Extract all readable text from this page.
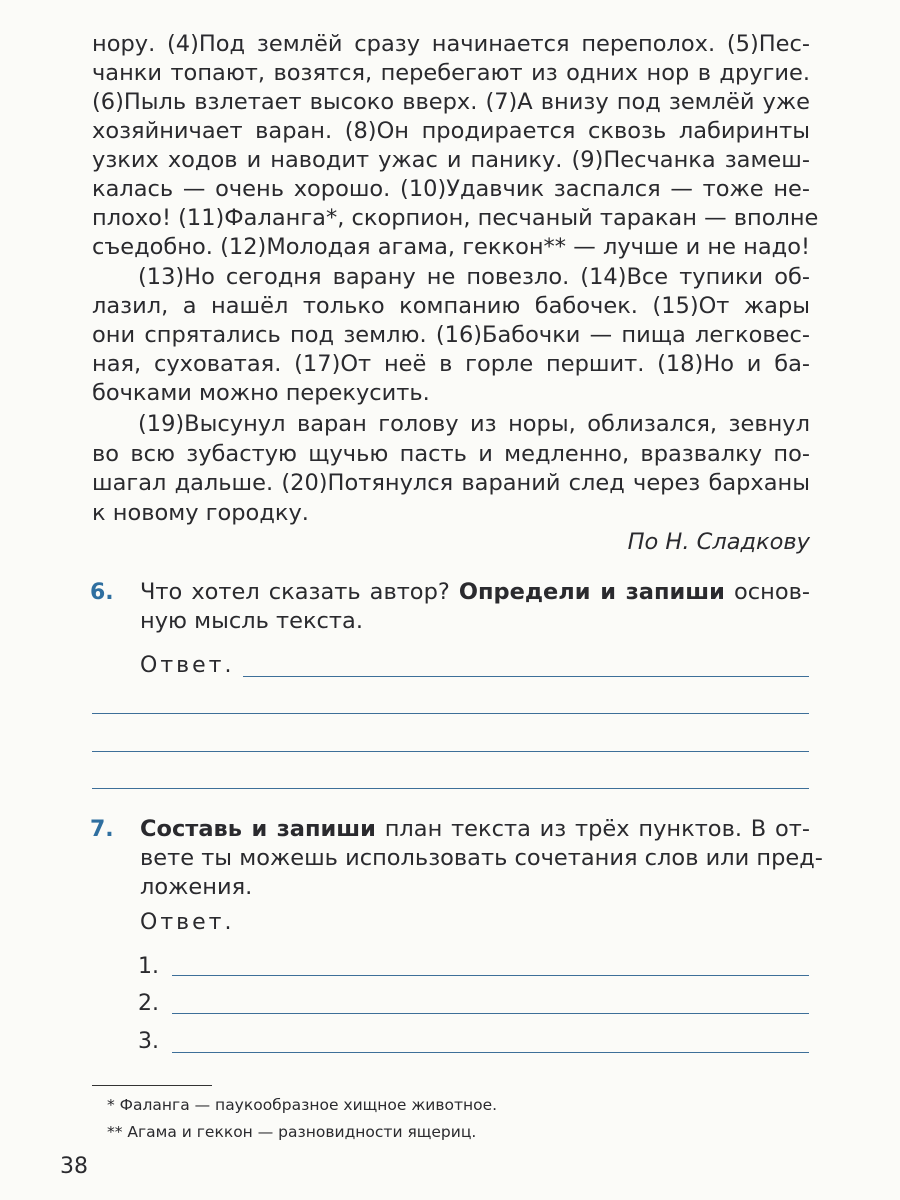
нору. (4)Под землёй сразу начинается переполох. (5)Пес-
чанки топают, возятся, перебегают из одних нор в другие.
(6)Пыль взлетает высоко вверх. (7)А внизу под землёй уже
хозяйничает варан. (8)Он продирается сквозь лабиринты
узких ходов и наводит ужас и панику. (9)Песчанка замеш-
калась — очень хорошо. (10)Удавчик заспался — тоже не-
плохо! (11)Фаланга*, скорпион, песчаный таракан — вполне
съедобно. (12)Молодая агама, геккон** — лучше и не надо!
(13)Но сегодня варану не повезло. (14)Все тупики об-
лазил, а нашёл только компанию бабочек. (15)От жары
они спрятались под землю. (16)Бабочки — пища легковес-
ная, суховатая. (17)От неё в горле першит. (18)Но и ба-
бочками можно перекусить.
(19)Высунул варан голову из норы, облизался, зевнул
во всю зубастую щучью пасть и медленно, вразвалку по-
шагал дальше. (20)Потянулся вараний след через барханы
к новому городку.
По Н. Сладкову
6. Что хотел сказать автор? Определи и запиши основ-
ную мысль текста.
Ответ.
7. Составь и запиши план текста из трёх пунктов. В от-
вете ты можешь использовать сочетания слов или пред-
ложения.
Ответ.
1.
2.
3.
* Фаланга — паукообразное хищное животное.
** Агама и геккон — разновидности ящериц.
38
